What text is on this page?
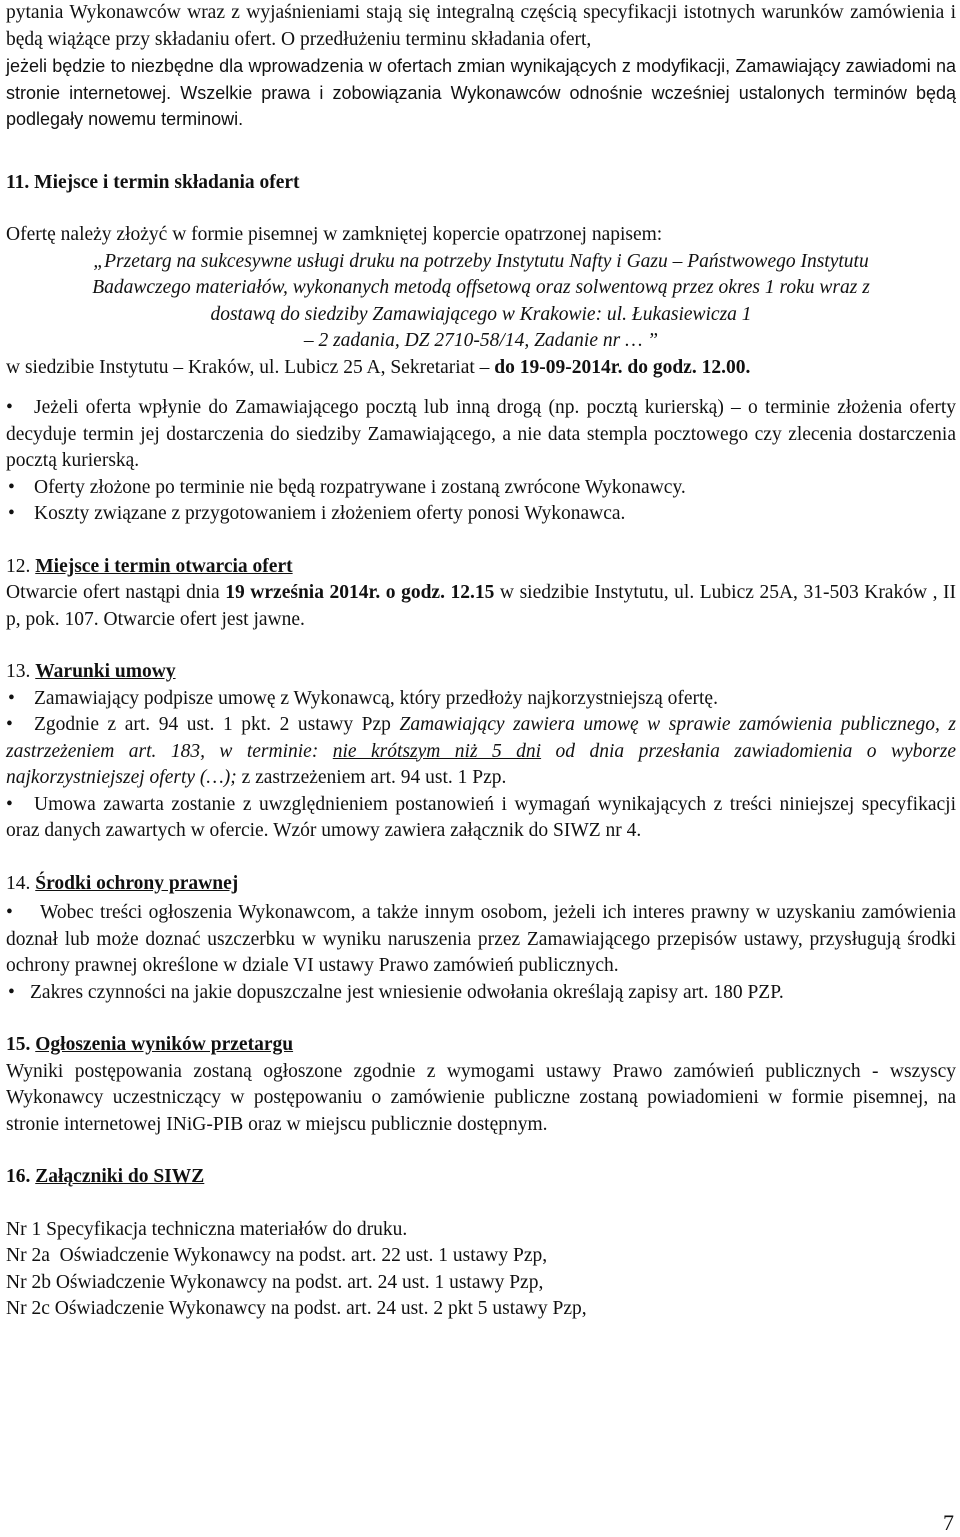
pytania Wykonawców wraz z wyjaśnieniami stają się integralną częścią specyfikacji istotnych warunków zamówienia i będą wiążące przy składaniu ofert. O przedłużeniu terminu składania ofert,

jeżeli będzie to niezbędne dla wprowadzenia w ofertach zmian wynikających z modyfikacji, Zamawiający zawiadomi na stronie internetowej. Wszelkie prawa i zobowiązania Wykonawców odnośnie wcześniej ustalonych terminów będą podlegały nowemu terminowi.

11. Miejsce i termin składania ofert

Ofertę należy złożyć w formie pisemnej w zamkniętej kopercie opatrzonej napisem:

„Przetarg na sukcesywne usługi druku na potrzeby Instytutu Nafty i Gazu – Państwowego Instytutu

Badawczego materiałów, wykonanych metodą offsetową oraz solwentową przez okres 1 roku wraz z

dostawą do siedziby Zamawiającego w Krakowie: ul. Łukasiewicza 1

– 2 zadania, DZ 2710-58/14, Zadanie nr … ”

w siedzibie Instytutu – Kraków, ul. Lubicz 25 A, Sekretariat – do 19-09-2014r. do godz. 12.00.

• Jeżeli oferta wpłynie do Zamawiającego pocztą lub inną drogą (np. pocztą kurierską) – o terminie złożenia oferty decyduje termin jej dostarczenia do siedziby Zamawiającego, a nie data stempla pocztowego czy zlecenia dostarczenia pocztą kurierską.

• Oferty złożone po terminie nie będą rozpatrywane i zostaną zwrócone Wykonawcy.

• Koszty związane z przygotowaniem i złożeniem oferty ponosi Wykonawca.

12. Miejsce i termin otwarcia ofert

Otwarcie ofert nastąpi dnia 19 września 2014r. o godz. 12.15 w siedzibie Instytutu, ul. Lubicz 25A, 31-503 Kraków , II p, pok. 107. Otwarcie ofert jest jawne.

13. Warunki umowy

• Zamawiający podpisze umowę z Wykonawcą, który przedłoży najkorzystniejszą ofertę.

• Zgodnie z art. 94 ust. 1 pkt. 2 ustawy Pzp Zamawiający zawiera umowę w sprawie zamówienia publicznego, z zastrzeżeniem art. 183, w terminie: nie krótszym niż 5 dni od dnia przesłania zawiadomienia o wyborze najkorzystniejszej oferty (…); z zastrzeżeniem art. 94 ust. 1 Pzp.

• Umowa zawarta zostanie z uwzględnieniem postanowień i wymagań wynikających z treści niniejszej specyfikacji oraz danych zawartych w ofercie. Wzór umowy zawiera załącznik do SIWZ nr 4.

14. Środki ochrony prawnej

• Wobec treści ogłoszenia Wykonawcom, a także innym osobom, jeżeli ich interes prawny w uzyskaniu zamówienia doznał lub może doznać uszczerbku w wyniku naruszenia przez Zamawiającego przepisów ustawy, przysługują środki ochrony prawnej określone w dziale VI ustawy Prawo zamówień publicznych.

• Zakres czynności na jakie dopuszczalne jest wniesienie odwołania określają zapisy art. 180 PZP.

15. Ogłoszenia wyników przetargu

Wyniki postępowania zostaną ogłoszone zgodnie z wymogami ustawy Prawo zamówień publicznych - wszyscy Wykonawcy uczestniczący w postępowaniu o zamówienie publiczne zostaną powiadomieni w formie pisemnej, na stronie internetowej INiG-PIB oraz w miejscu publicznie dostępnym.

16. Załączniki do SIWZ

Nr 1 Specyfikacja techniczna materiałów do druku.

Nr 2a  Oświadczenie Wykonawcy na podst. art. 22 ust. 1 ustawy Pzp,

Nr 2b Oświadczenie Wykonawcy na podst. art. 24 ust. 1 ustawy Pzp,

Nr 2c Oświadczenie Wykonawcy na podst. art. 24 ust. 2 pkt 5 ustawy Pzp,

7
